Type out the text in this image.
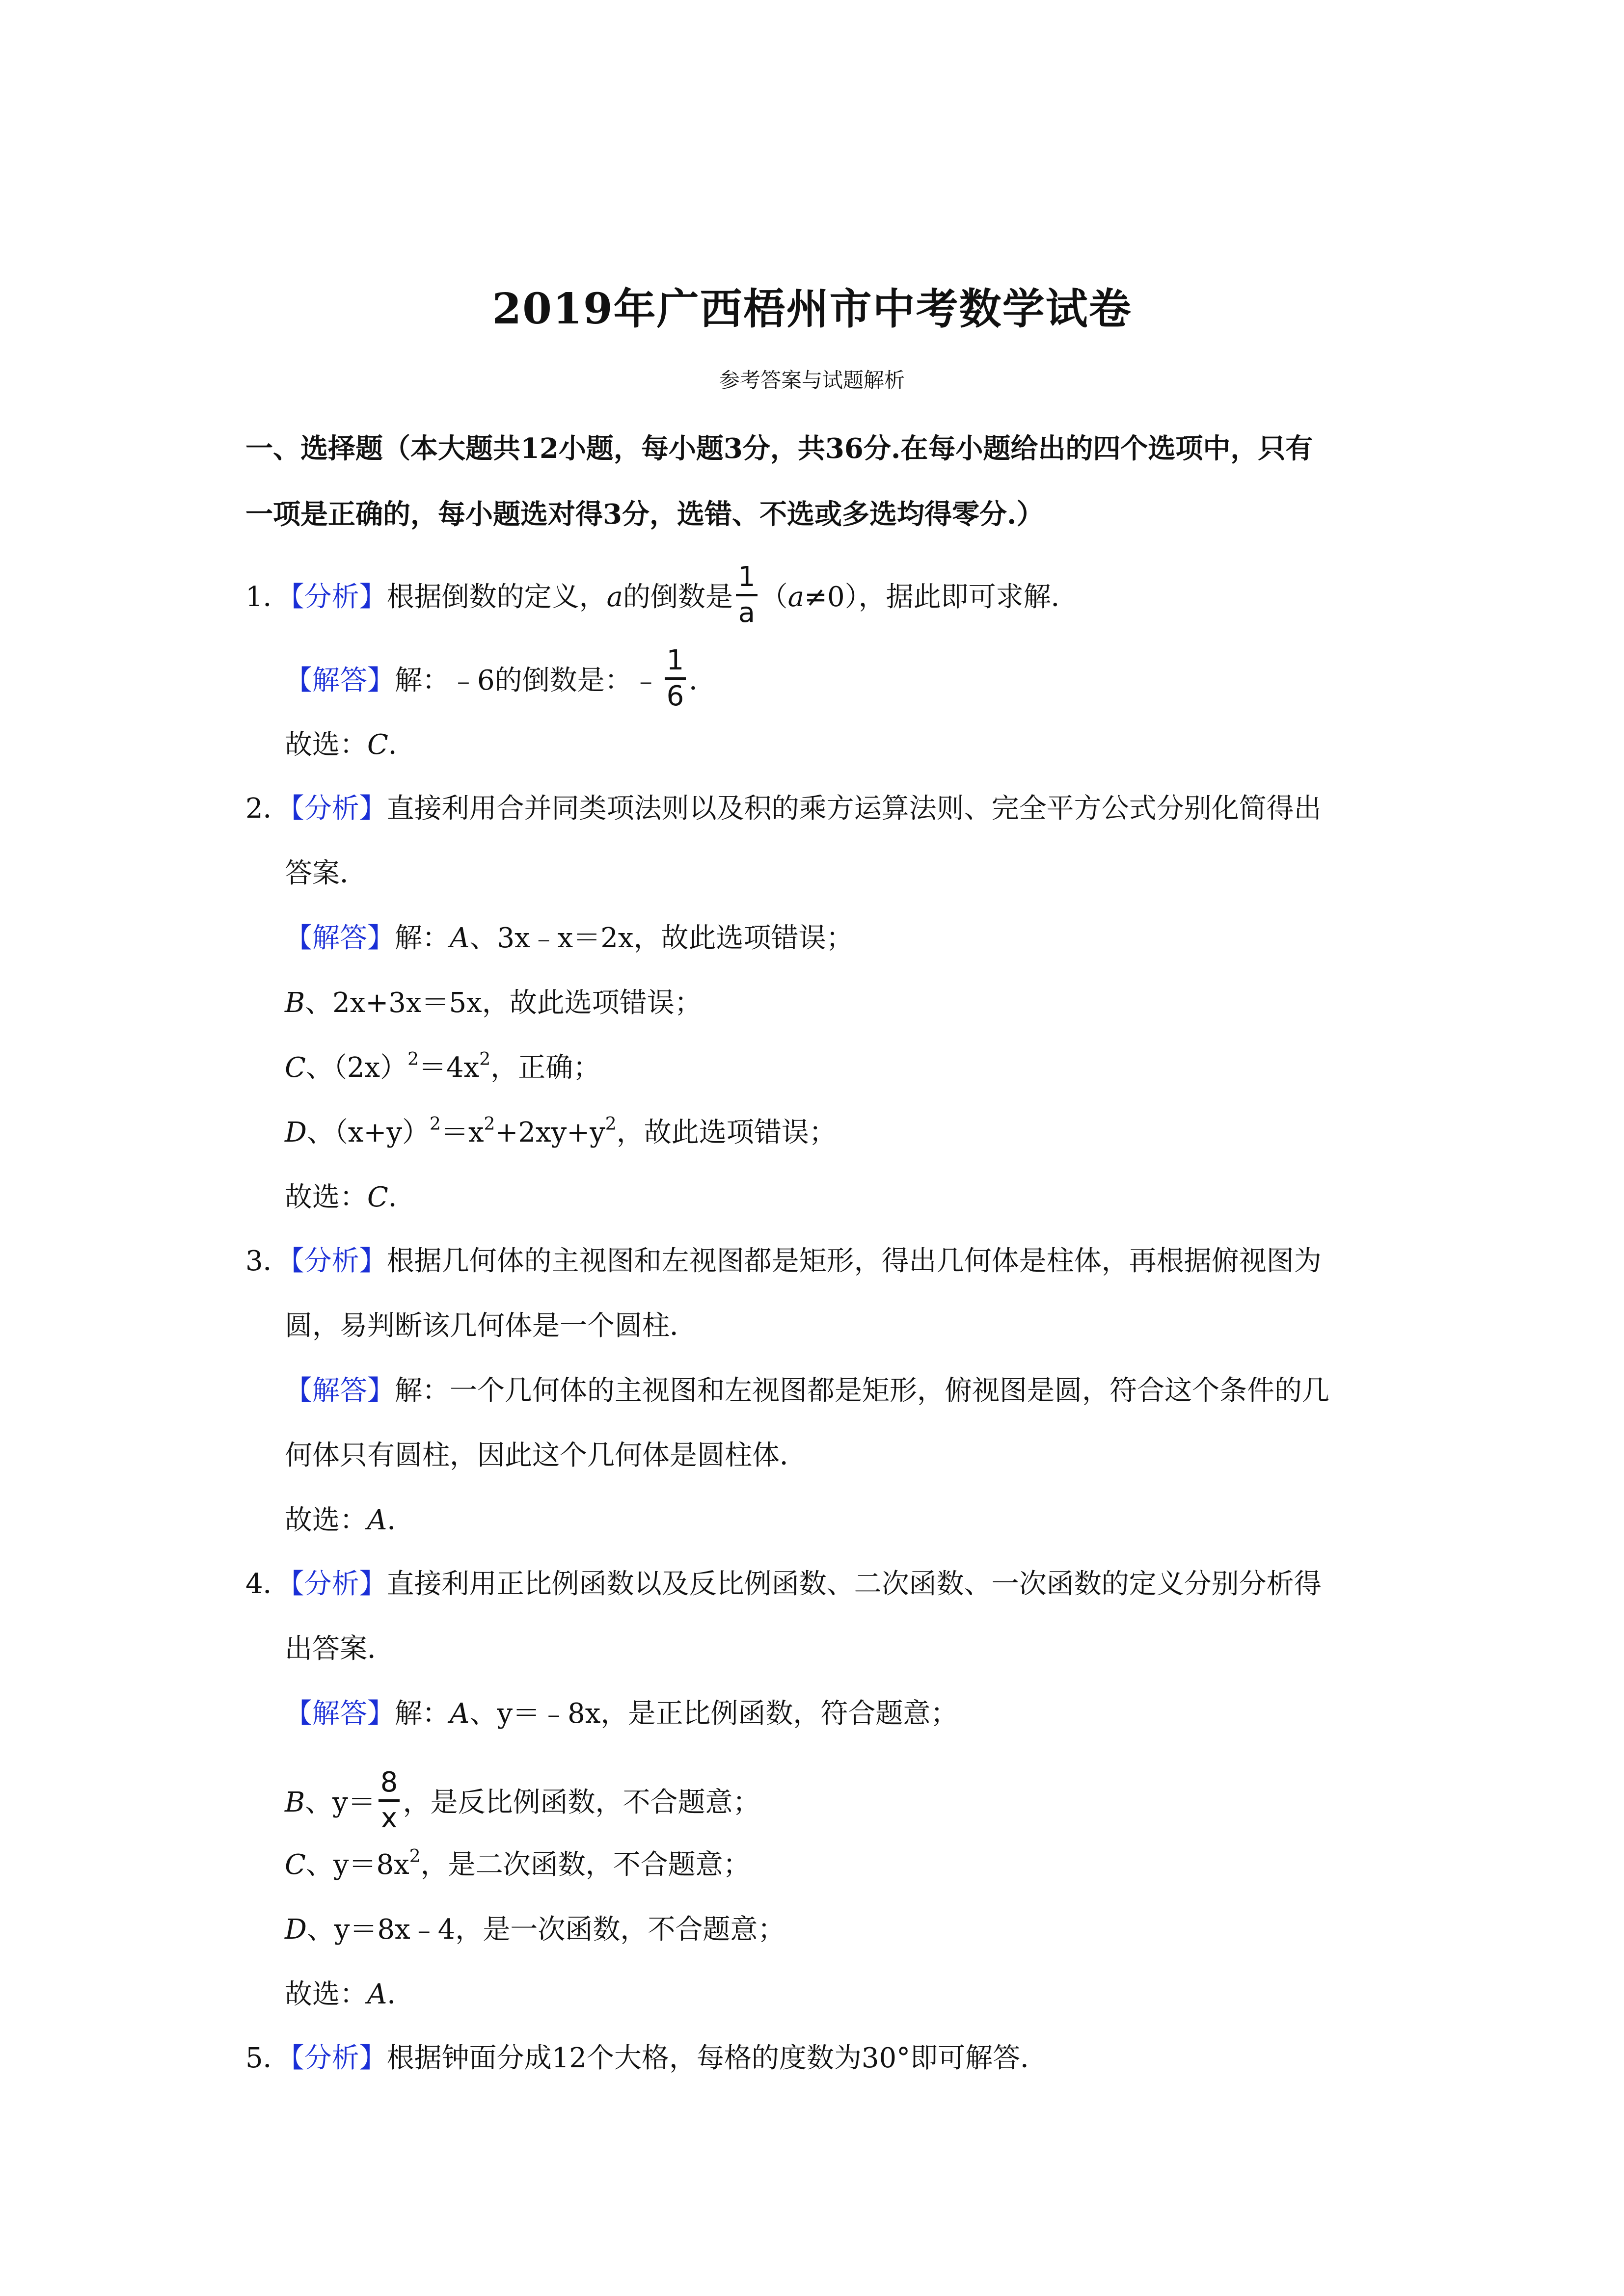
2019年广西梧州市中考数学试卷
参考答案与试题解析
一、选择题（本大题共12小题，每小题3分，共36分.在每小题给出的四个选项中，只有
一项是正确的，每小题选对得3分，选错、不选或多选均得零分.）
1．【分析】根据倒数的定义，a的倒数是 $\frac{1}{a} (a\ne 0)$，据此即可求解．
【解答】解：﹣6的倒数是：﹣ $\frac{1}{6}$ ．
故选：C．
2．【分析】直接利用合并同类项法则以及积的乘方运算法则、完全平方公式分别化简得出
答案．
【解答】解：A、3x﹣x＝2x，故此选项错误；
B、2x+3x＝5x，故此选项错误；
C、$(2x)^2=4x^2$，正确；
D、$(x+y)^2=x^2+2xy+y^2$，故此选项错误；
故选：C．
3．【分析】根据几何体的主视图和左视图都是矩形，得出几何体是柱体，再根据俯视图为
圆，易判断该几何体是一个圆柱．
【解答】解：一个几何体的主视图和左视图都是矩形，俯视图是圆，符合这个条件的几
何体只有圆柱，因此这个几何体是圆柱体．
故选：A．
4．【分析】直接利用正比例函数以及反比例函数、二次函数、一次函数的定义分别分析得
出答案．
【解答】解：A、y＝﹣8x，是正比例函数，符合题意；
B、$y= \frac{8}{x}$ ，是反比例函数，不合题意；
C、$y=8x^2$，是二次函数，不合题意；
D、y＝8x﹣4，是一次函数，不合题意；
故选：A．
5．【分析】根据钟面分成12个大格，每格的度数为30°即可解答．
